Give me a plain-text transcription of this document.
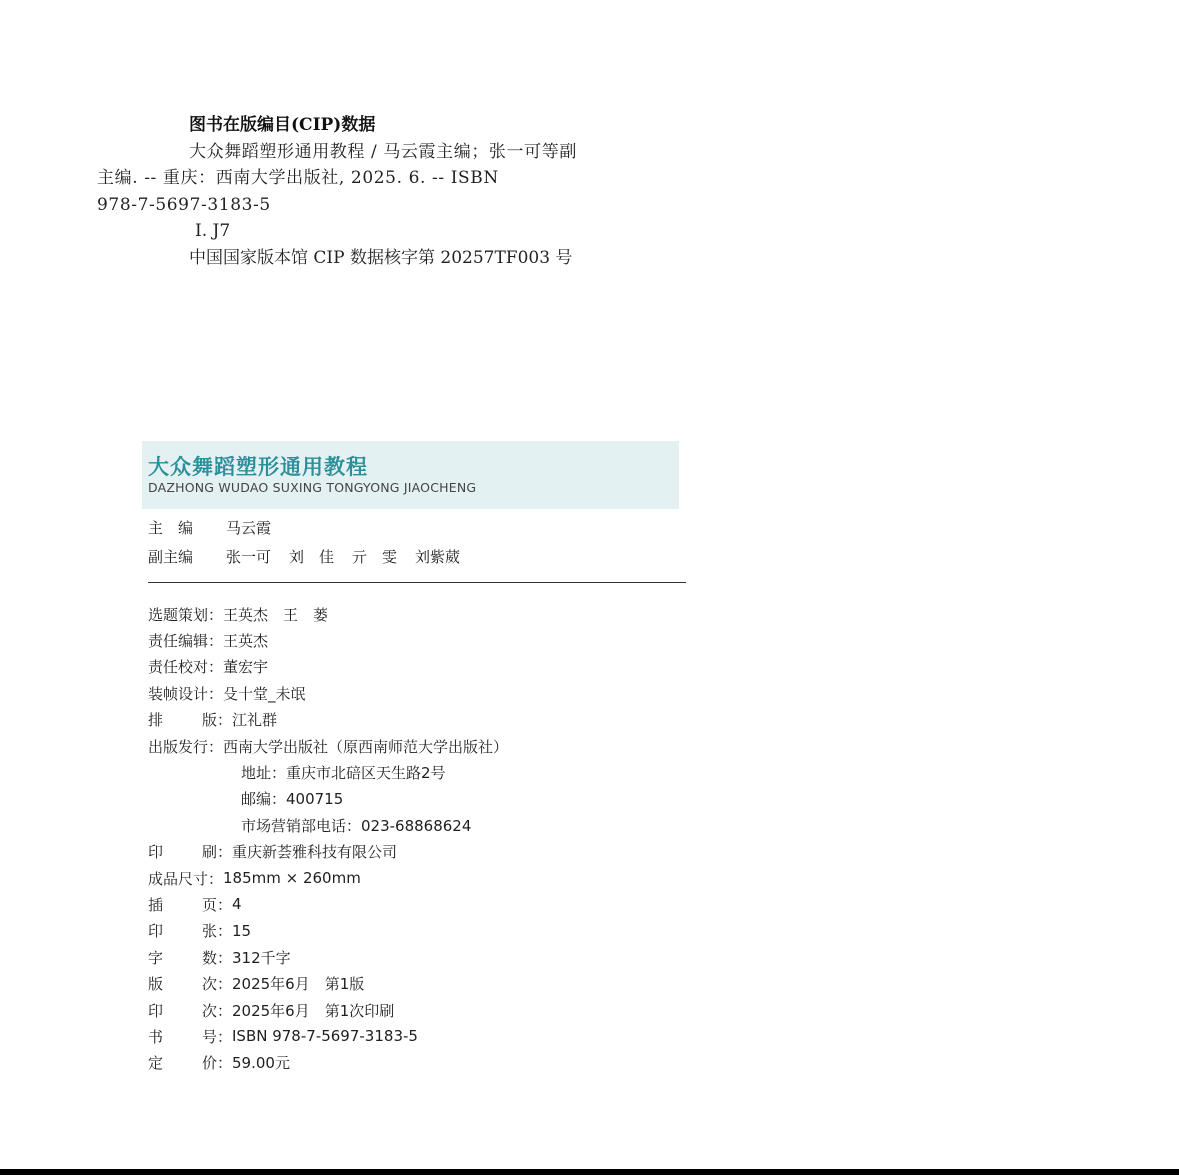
图书在版编目(CIP)数据
大众舞蹈塑形通用教程 / 马云霞主编；张一可等副
主编. -- 重庆：西南大学出版社, 2025. 6. -- ISBN
978-7-5697-3183-5
Ⅰ. J7
中国国家版本馆 CIP 数据核字第 20257TF003 号
大众舞蹈塑形通用教程
DAZHONG WUDAO SUXING TONGYONG JIAOCHENG
主　编	马云霞
副主编	张一可 刘　佳 亓　雯 刘紫葳
选题策划： 王英杰　王　蒌
责任编辑： 王英杰
责任校对： 董宏宇
装帧设计： 殳十堂_未氓
排	版： 江礼群
出版发行： 西南大学出版社（原西南师范大学出版社）
地址：重庆市北碚区天生路2号
邮编：400715
市场营销部电话：023-68868624
印	刷： 重庆新荟雅科技有限公司
成品尺寸： 185mm × 260mm
插	页： 4
印	张： 15
字	数： 312千字
版	次： 2025年6月　第1版
印	次： 2025年6月　第1次印刷
书	号： ISBN 978-7-5697-3183-5
定	价： 59.00元
